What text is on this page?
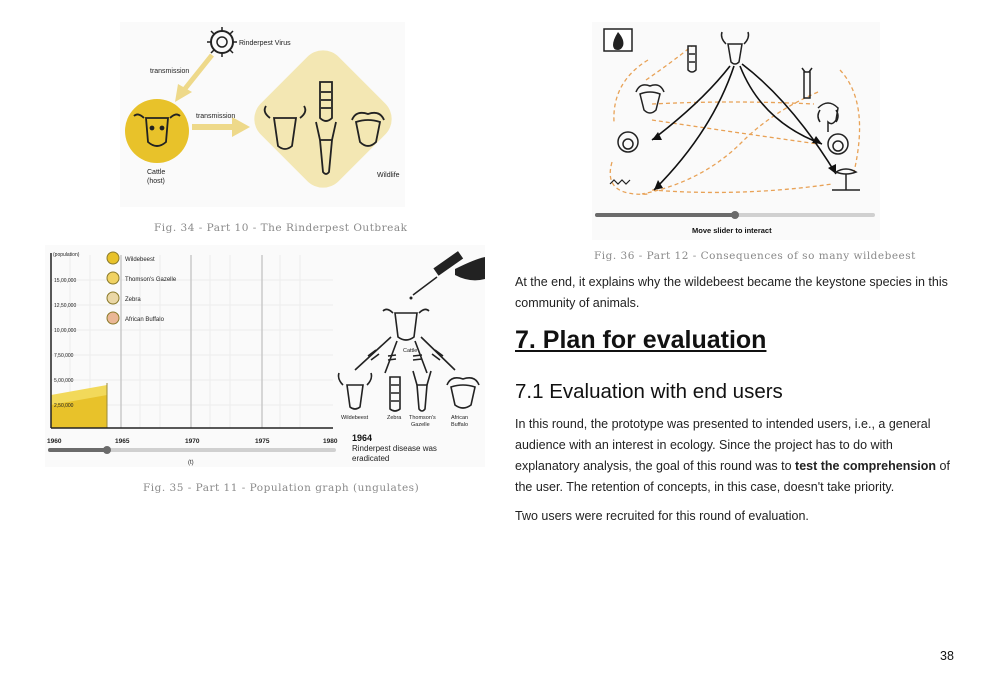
Rinderpest Virus
transmission
transmission
Cattle
(host)
Wildlife
Fig. 34 - Part 10 - The Rinderpest Outbreak
(population)
15,00,000
12,50,000
10,00,000
7,50,000
5,00,000
2,50,000
1960	1965	1970	1975	1980
(t)
Wildebeest
Thomson's Gazelle
Zebra
African Buffalo
Cattle
Wildebeest	Zebra Thomson's
Gazelle
African
Buffalo
1964
Rinderpest disease was
eradicated
Fig. 35 - Part 11 - Population graph (ungulates)
Move slider to interact
Fig. 36 - Part 12 - Consequences of so many wildebeest

At the end, it explains why the wildebeest became the keystone species in this community of animals.

7. Plan for evaluation
7.1 Evaluation with end users

In this round, the prototype was presented to intended users, i.e., a general audience with an interest in ecology. Since the project has to do with explanatory analysis, the goal of this round was to test the comprehension of the user. The retention of concepts, in this case, doesn't take priority.

Two users were recruited for this round of evaluation.

38
